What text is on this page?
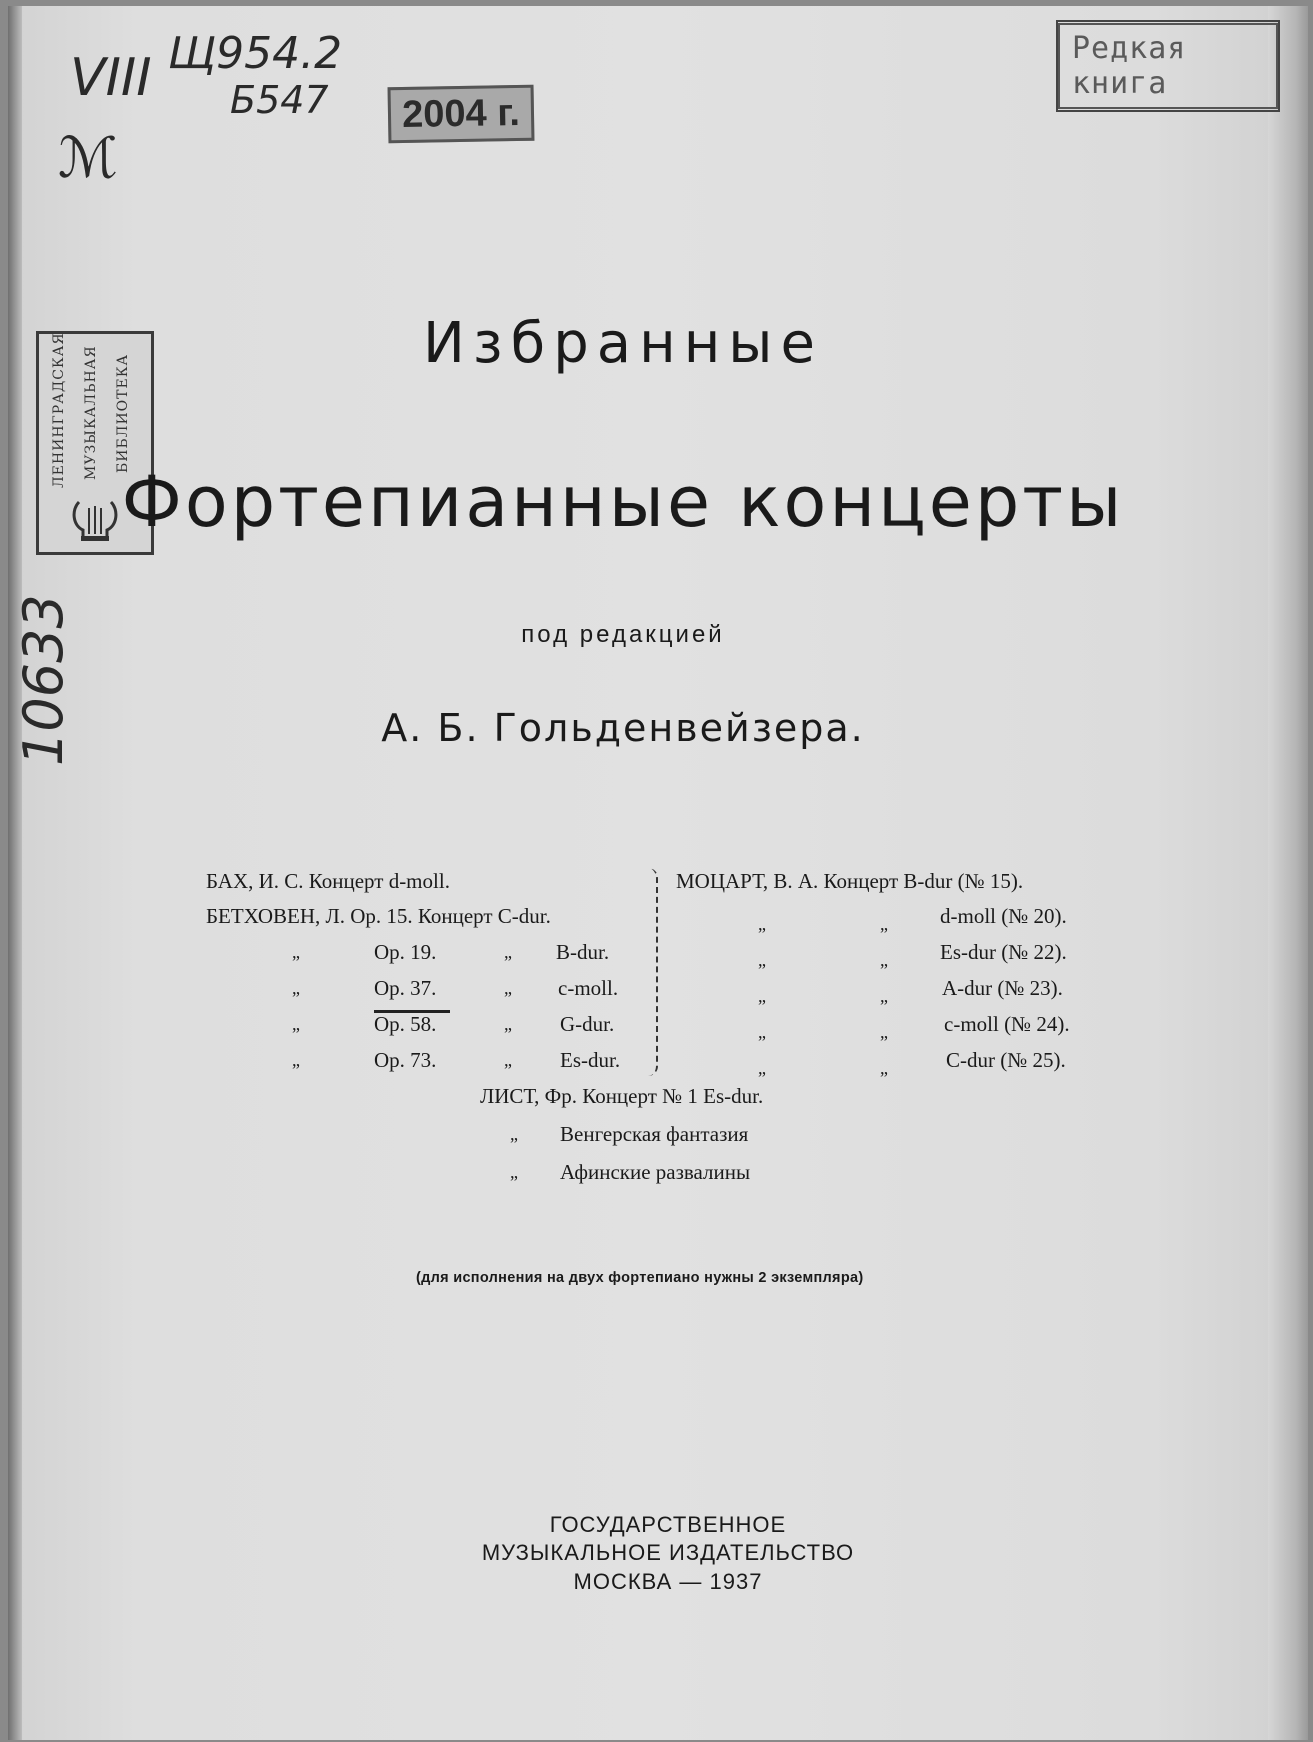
VIII Щ954.2
Б547
ℳ
10633
2004 г.
Редкая книга
ЛЕНИНГРАДСКАЯ МУЗЫКАЛЬНАЯ БИБЛИОТЕКА
Избранные
Фортепианные концерты
под редакцией
А. Б. Гольденвейзера.
БАХ, И. С. Концерт d-moll.
БЕТХОВЕН, Л. Ор. 15. Концерт C-dur.
„	Ор. 19.	„ B-dur.
„	Ор. 37.	„ c-moll.
„	Ор. 58.	„ G-dur.
„	Ор. 73.	„ Es-dur.
МОЦАРТ, В. А. Концерт B-dur (№ 15).
„	„ d-moll (№ 20).
„	„ Es-dur (№ 22).
„	„	A-dur (№ 23).
„	„	c-moll (№ 24).
„	„	C-dur (№ 25).
ЛИСТ, Фр. Концерт № 1 Es-dur.
„ Венгерская фантазия
„ Афинские развалины
(для исполнения на двух фортепиано нужны 2 экземпляра)
ГОСУДАРСТВЕННОЕ
МУЗЫКАЛЬНОЕ ИЗДАТЕЛЬСТВО
МОСКВА — 1937
